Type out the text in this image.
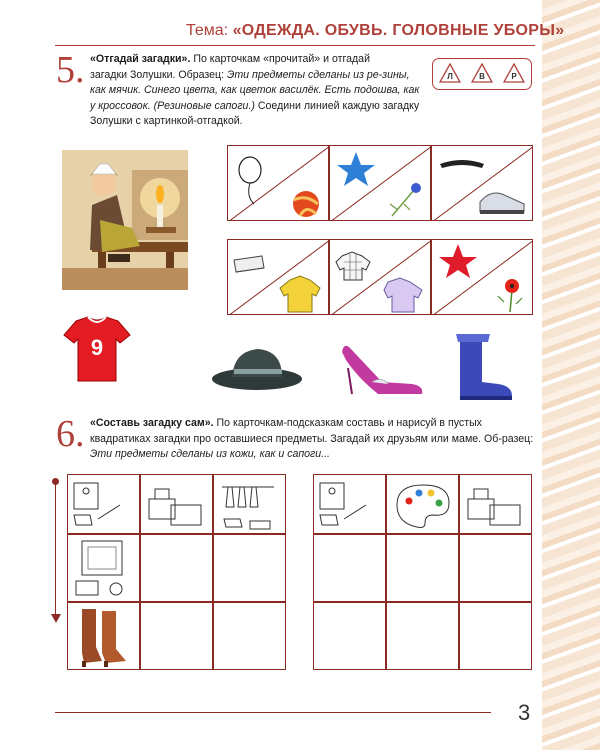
Тема: «ОДЕЖДА. ОБУВЬ. ГОЛОВНЫЕ УБОРЫ»
5. «Отгадай загадки». По карточкам «прочитай» и отгадай
загадки Золушки. Образец: Эти предметы сделаны из ре-зины, как мячик. Синего цвета, как цветок василёк. Есть подошва, как у кроссовок. (Резиновые сапоги.) Соедини линией каждую загадку Золушки с картинкой-отгадкой.
Л	В	Р
9
6. «Составь загадку сам». По карточкам-подсказкам составь и нарисуй в пустых квадратиках загадки про оставшиеся предметы. Загадай их друзьям или маме. Об-разец: Эти предметы сделаны из кожи, как и сапоги...
3
